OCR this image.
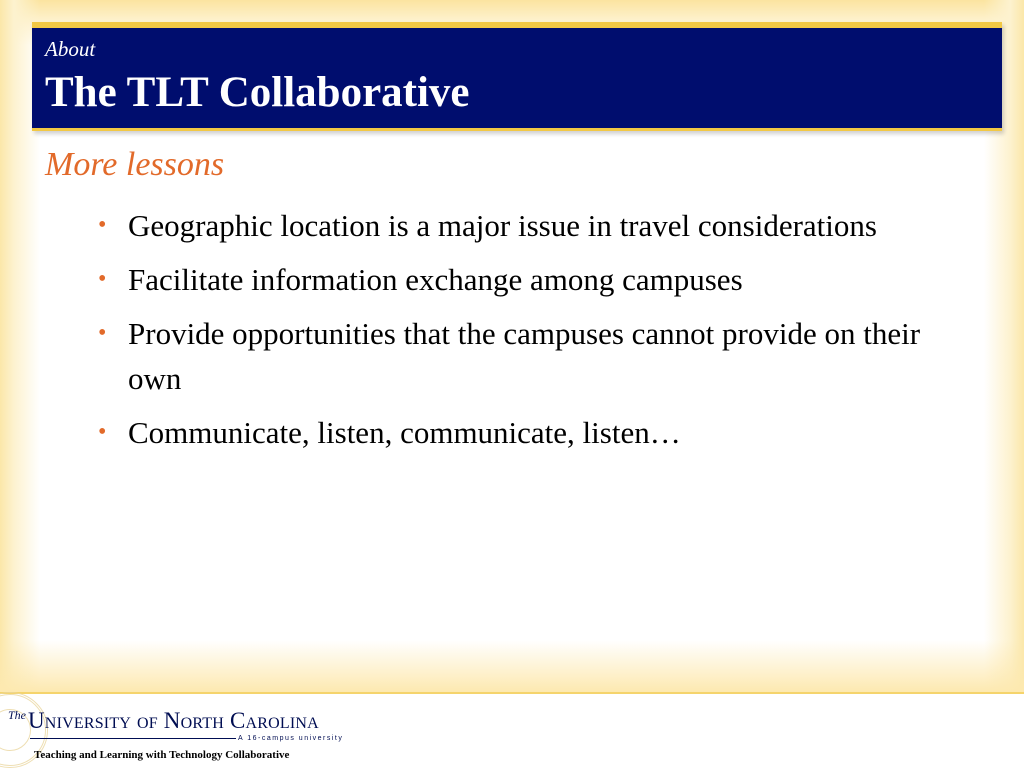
About
The TLT Collaborative
More lessons
• Geographic location is a major issue in travel considerations
• Facilitate information exchange among campuses
• Provide opportunities that the campuses cannot provide on their own
• Communicate, listen, communicate, listen…
The University of North Carolina
A 16-campus university
Teaching and Learning with Technology Collaborative
